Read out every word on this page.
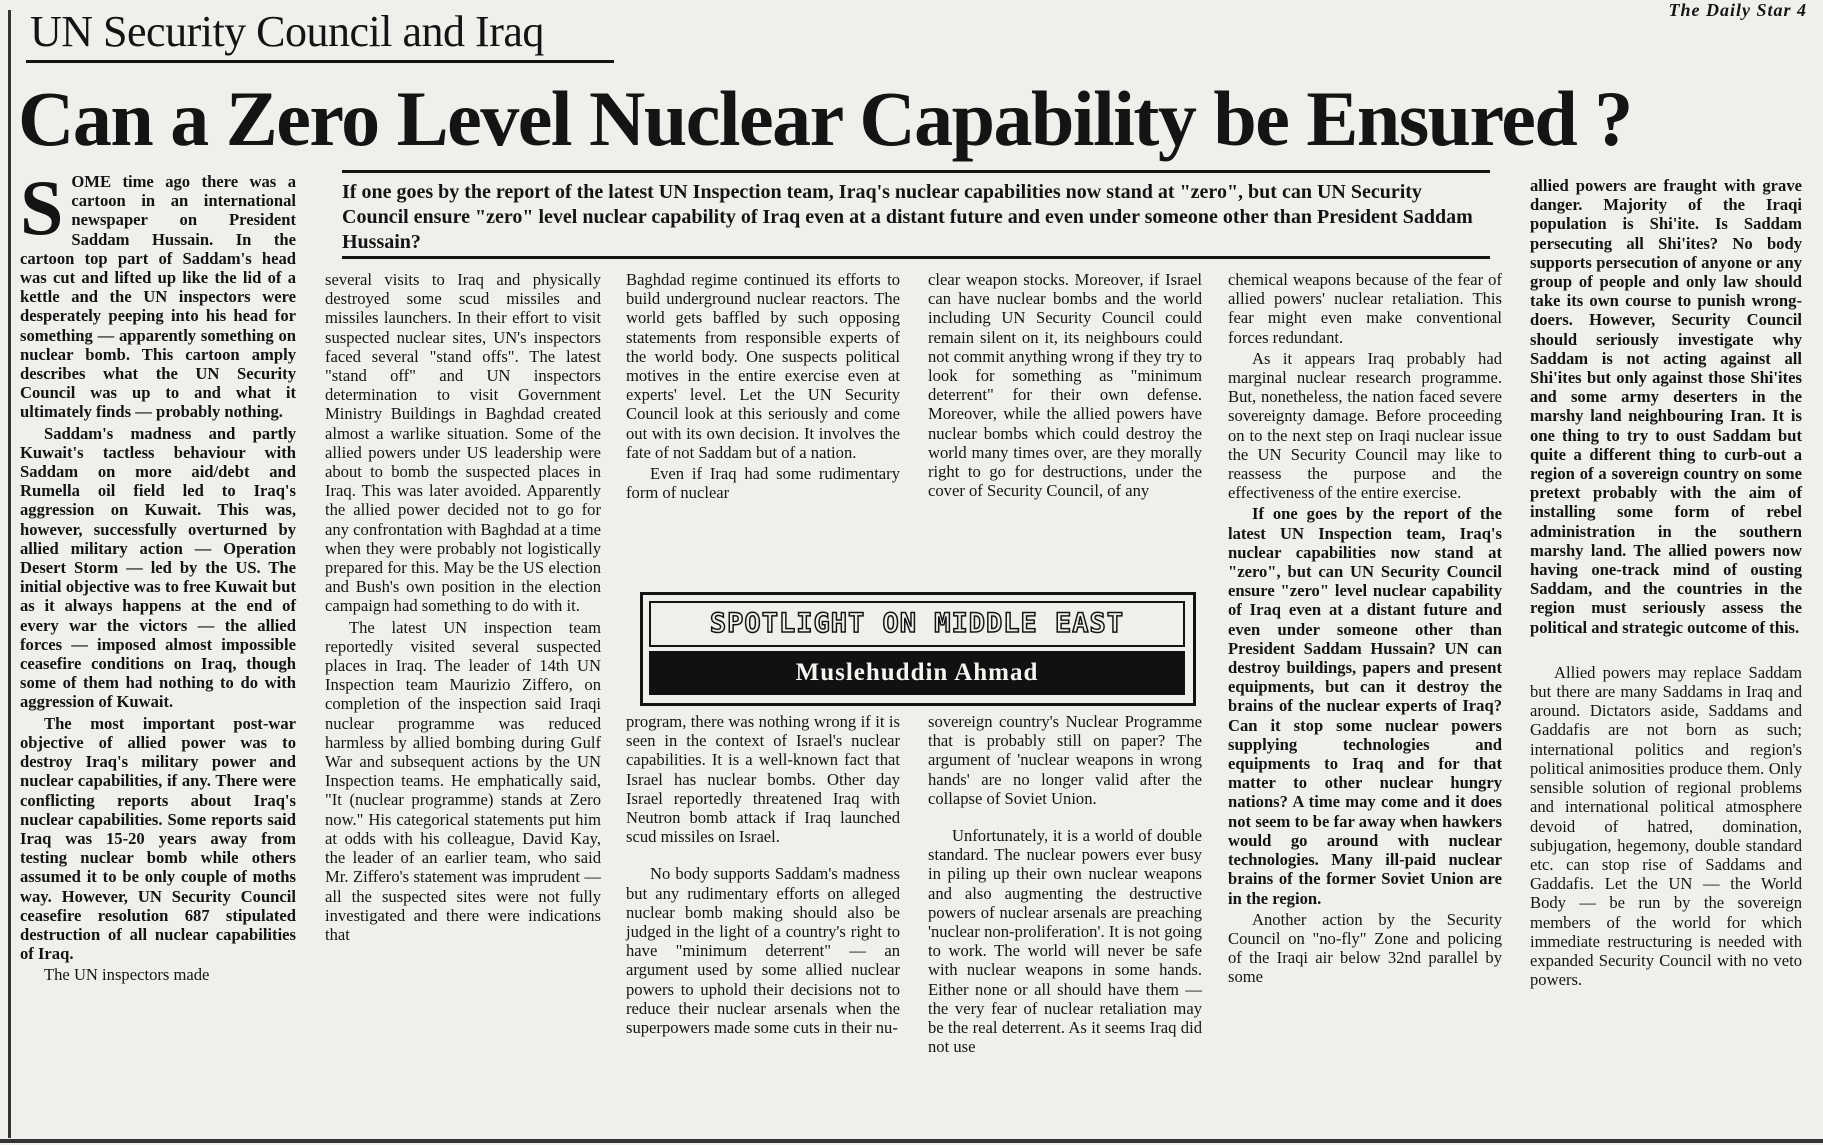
The Daily Star 4
UN Security Council and Iraq
Can a Zero Level Nuclear Capability be Ensured ?
If one goes by the report of the latest UN Inspection team, Iraq's nuclear capabilities now stand at "zero", but can UN Security Council ensure "zero" level nuclear capability of Iraq even at a distant future and even under someone other than President Saddam Hussain?

SOME time ago there was a cartoon in an international newspaper on President Saddam Hussain. In the cartoon top part of Saddam's head was cut and lifted up like the lid of a kettle and the UN inspectors were desperately peeping into his head for something — apparently something on nuclear bomb. This cartoon amply describes what the UN Security Council was up to and what it ultimately finds — probably nothing.

Saddam's madness and partly Kuwait's tactless behaviour with Saddam on more aid/debt and Rumella oil field led to Iraq's aggression on Kuwait. This was, however, successfully overturned by allied military action — Operation Desert Storm — led by the US. The initial objective was to free Kuwait but as it always happens at the end of every war the victors — the allied forces — imposed almost impossible ceasefire conditions on Iraq, though some of them had nothing to do with aggression of Kuwait.

The most important post-war objective of allied power was to destroy Iraq's military power and nuclear capabilities, if any. There were conflicting reports about Iraq's nuclear capabilities. Some reports said Iraq was 15-20 years away from testing nuclear bomb while others assumed it to be only couple of moths way. However, UN Security Council ceasefire resolution 687 stipulated destruction of all nuclear capabilities of Iraq.

The UN inspectors made

several visits to Iraq and physically destroyed some scud missiles and missiles launchers. In their effort to visit suspected nuclear sites, UN's inspectors faced several "stand offs". The latest "stand off" and UN inspectors determination to visit Government Ministry Buildings in Baghdad created almost a warlike situation. Some of the allied powers under US leadership were about to bomb the suspected places in Iraq. This was later avoided. Apparently the allied power decided not to go for any confrontation with Baghdad at a time when they were probably not logistically prepared for this. May be the US election and Bush's own position in the election campaign had something to do with it.

The latest UN inspection team reportedly visited several suspected places in Iraq. The leader of 14th UN Inspection team Maurizio Ziffero, on completion of the inspection said Iraqi nuclear programme was reduced harmless by allied bombing during Gulf War and subsequent actions by the UN Inspection teams. He emphatically said, "It (nuclear programme) stands at Zero now." His categorical statements put him at odds with his colleague, David Kay, the leader of an earlier team, who said Mr. Ziffero's statement was imprudent — all the suspected sites were not fully investigated and there were indications that

Baghdad regime continued its efforts to build underground nuclear reactors. The world gets baffled by such opposing statements from responsible experts of the world body. One suspects political motives in the entire exercise even at experts' level. Let the UN Security Council look at this seriously and come out with its own decision. It involves the fate of not Saddam but of a nation.

Even if Iraq had some rudimentary form of nuclear

clear weapon stocks. Moreover, if Israel can have nuclear bombs and the world including UN Security Council could remain silent on it, its neighbours could not commit anything wrong if they try to look for something as "minimum deterrent" for their own defense. Moreover, while the allied powers have nuclear bombs which could destroy the world many times over, are they morally right to go for destructions, under the cover of Security Council, of any

SPOTLIGHT ON MIDDLE EAST
Muslehuddin Ahmad

program, there was nothing wrong if it is seen in the context of Israel's nuclear capabilities. It is a well-known fact that Israel has nuclear bombs. Other day Israel reportedly threatened Iraq with Neutron bomb attack if Iraq launched scud missiles on Israel.

No body supports Saddam's madness but any rudimentary efforts on alleged nuclear bomb making should also be judged in the light of a country's right to have "minimum deterrent" — an argument used by some allied nuclear powers to uphold their decisions not to reduce their nuclear arsenals when the superpowers made some cuts in their nu-

sovereign country's Nuclear Programme that is probably still on paper? The argument of 'nuclear weapons in wrong hands' are no longer valid after the collapse of Soviet Union.

Unfortunately, it is a world of double standard. The nuclear powers ever busy in piling up their own nuclear weapons and also augmenting the destructive powers of nuclear arsenals are preaching 'nuclear non-proliferation'. It is not going to work. The world will never be safe with nuclear weapons in some hands. Either none or all should have them — the very fear of nuclear retaliation may be the real deterrent. As it seems Iraq did not use

chemical weapons because of the fear of allied powers' nuclear retaliation. This fear might even make conventional forces redundant.

As it appears Iraq probably had marginal nuclear research programme. But, nonetheless, the nation faced severe sovereignty damage. Before proceeding on to the next step on Iraqi nuclear issue the UN Security Council may like to reassess the purpose and the effectiveness of the entire exercise.

If one goes by the report of the latest UN Inspection team, Iraq's nuclear capabilities now stand at "zero", but can UN Security Council ensure "zero" level nuclear capability of Iraq even at a distant future and even under someone other than President Saddam Hussain? UN can destroy buildings, papers and present equipments, but can it destroy the brains of the nuclear experts of Iraq? Can it stop some nuclear powers supplying technologies and equipments to Iraq and for that matter to other nuclear hungry nations? A time may come and it does not seem to be far away when hawkers would go around with nuclear technologies. Many ill-paid nuclear brains of the former Soviet Union are in the region.

Another action by the Security Council on "no-fly" Zone and policing of the Iraqi air below 32nd parallel by some

allied powers are fraught with grave danger. Majority of the Iraqi population is Shi'ite. Is Saddam persecuting all Shi'ites? No body supports persecution of anyone or any group of people and only law should take its own course to punish wrong-doers. However, Security Council should seriously investigate why Saddam is not acting against all Shi'ites but only against those Shi'ites and some army deserters in the marshy land neighbouring Iran. It is one thing to try to oust Saddam but quite a different thing to curb-out a region of a sovereign country on some pretext probably with the aim of installing some form of rebel administration in the southern marshy land. The allied powers now having one-track mind of ousting Saddam, and the countries in the region must seriously assess the political and strategic outcome of this.

Allied powers may replace Saddam but there are many Saddams in Iraq and around. Dictators aside, Saddams and Gaddafis are not born as such; international politics and region's political animosities produce them. Only sensible solution of regional problems and international political atmosphere devoid of hatred, domination, subjugation, hegemony, double standard etc. can stop rise of Saddams and Gaddafis. Let the UN — the World Body — be run by the sovereign members of the world for which immediate restructuring is needed with expanded Security Council with no veto powers.
